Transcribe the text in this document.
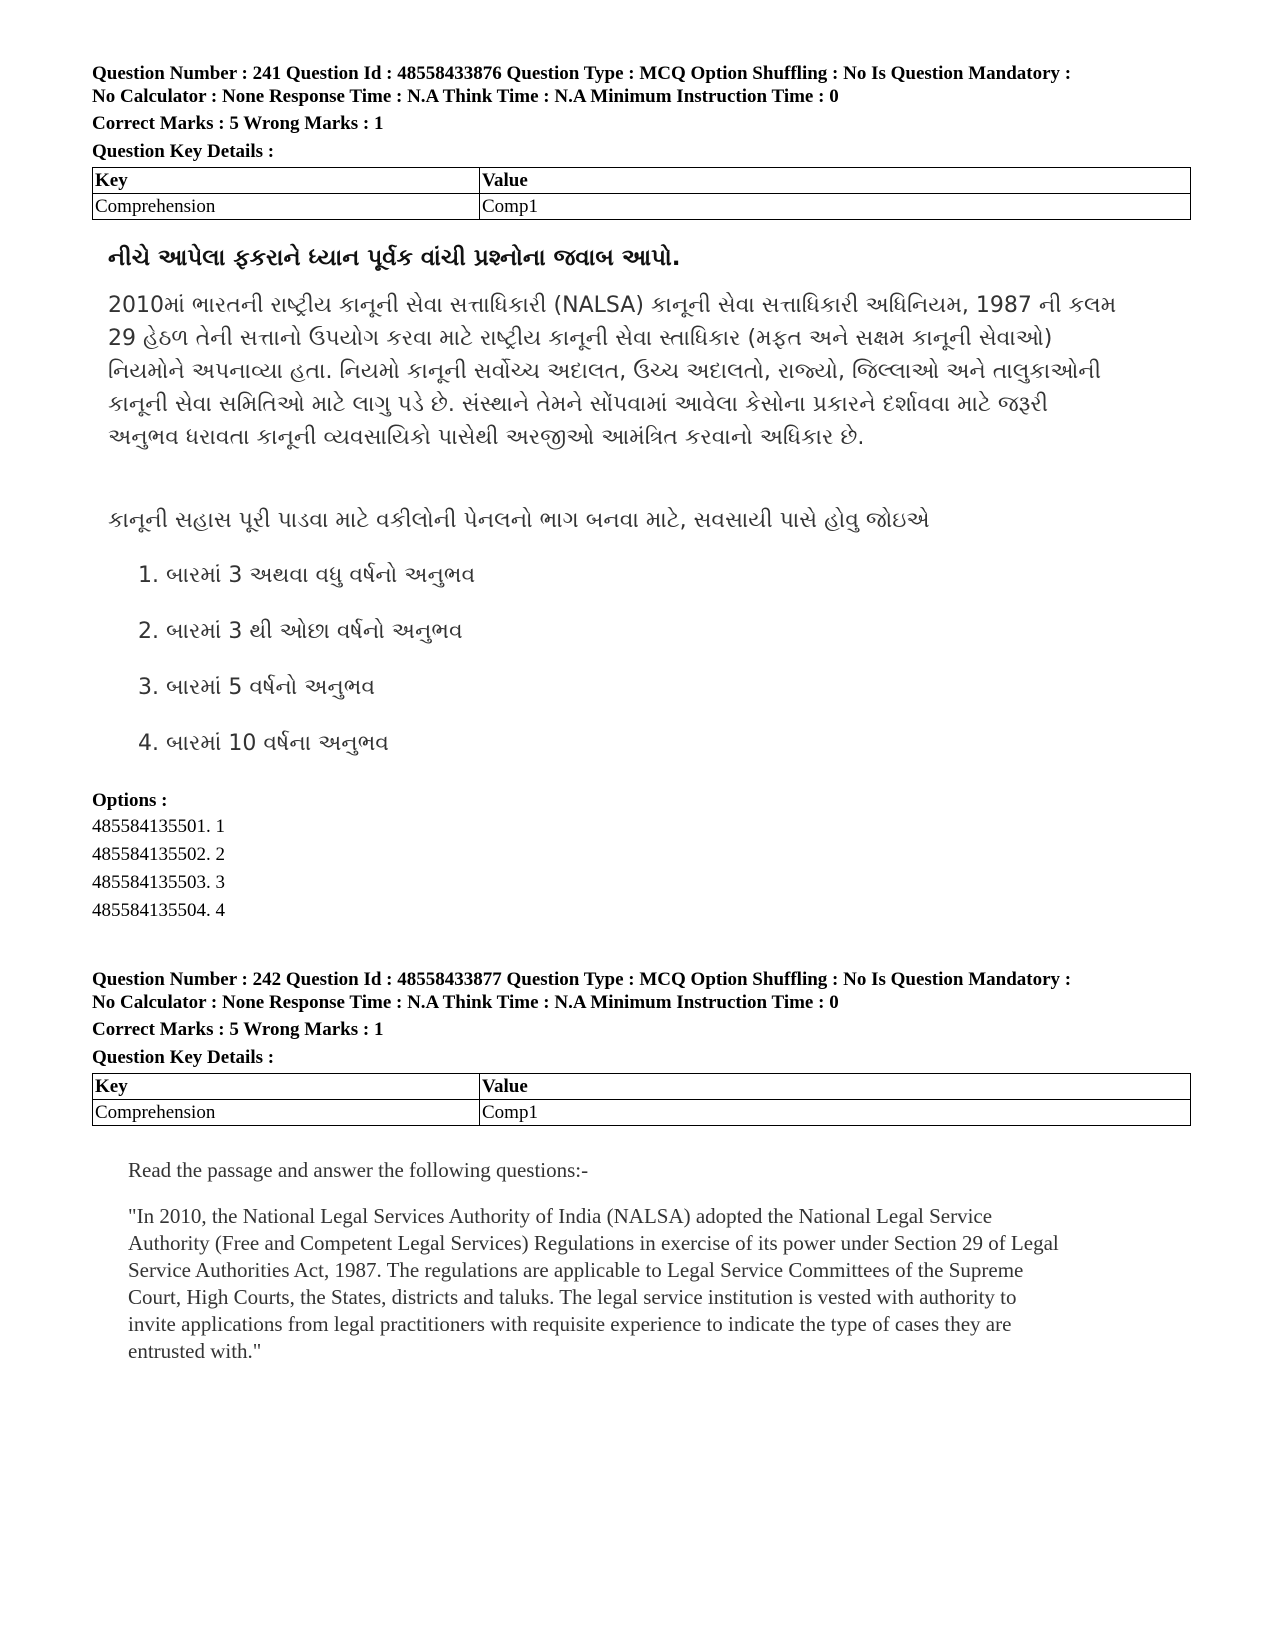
Question Number : 241 Question Id : 48558433876 Question Type : MCQ Option Shuffling : No Is Question Mandatory :
No Calculator : None Response Time : N.A Think Time : N.A Minimum Instruction Time : 0

Correct Marks : 5 Wrong Marks : 1

Question Key Details :

Key	Value
Comprehension	Comp1

નીચે આપેલા ફકરાને ધ્યાન પૂર્વક વાંચી પ્રશ્નોના જવાબ આપો.

2010માં ભારતની રાષ્ટ્રીય કાનૂની સેવા સત્તાધિકારી (NALSA) કાનૂની સેવા સત્તાધિકારી અધિનિયમ, 1987 ની કલમ
29 હેઠળ તેની સત્તાનો ઉપયોગ કરવા માટે રાષ્ટ્રીય કાનૂની સેવા સ્તાધિકાર (મફત અને સક્ષમ કાનૂની સેવાઓ)
નિયમોને અપનાવ્યા હતા. નિયમો કાનૂની સર્વોચ્ચ અદાલત, ઉચ્ચ અદાલતો, રાજ્યો, જિલ્લાઓ અને તાલુકાઓની
કાનૂની સેવા સમિતિઓ માટે લાગુ પડે છે. સંસ્થાને તેમને સોંપવામાં આવેલા કેસોના પ્રકારને દર્શાવવા માટે જરૂરી
અનુભવ ધરાવતા કાનૂની વ્યવસાયિકો પાસેથી અરજીઓ આમંત્રિત કરવાનો અધિકાર છે.

કાનૂની સહાસ પૂરી પાડવા માટે વકીલોની પેનલનો ભાગ બનવા માટે, સવસાયી પાસે હોવુ જોઇએ

1. બારમાં 3 અથવા વધુ વર્ષનો અનુભવ
2. બારમાં 3 થી ઓછા વર્ષનો અનુભવ
3. બારમાં 5 વર્ષનો અનુભવ
4. બારમાં 10 વર્ષના અનુભવ

Options :

485584135501. 1

485584135502. 2

485584135503. 3

485584135504. 4

Question Number : 242 Question Id : 48558433877 Question Type : MCQ Option Shuffling : No Is Question Mandatory :
No Calculator : None Response Time : N.A Think Time : N.A Minimum Instruction Time : 0

Correct Marks : 5 Wrong Marks : 1

Question Key Details :

Key	Value
Comprehension	Comp1

Read the passage and answer the following questions:-

"In 2010, the National Legal Services Authority of India (NALSA) adopted the National Legal Service
Authority (Free and Competent Legal Services) Regulations in exercise of its power under Section 29 of Legal
Service Authorities Act, 1987. The regulations are applicable to Legal Service Committees of the Supreme
Court, High Courts, the States, districts and taluks. The legal service institution is vested with authority to
invite applications from legal practitioners with requisite experience to indicate the type of cases they are
entrusted with."
